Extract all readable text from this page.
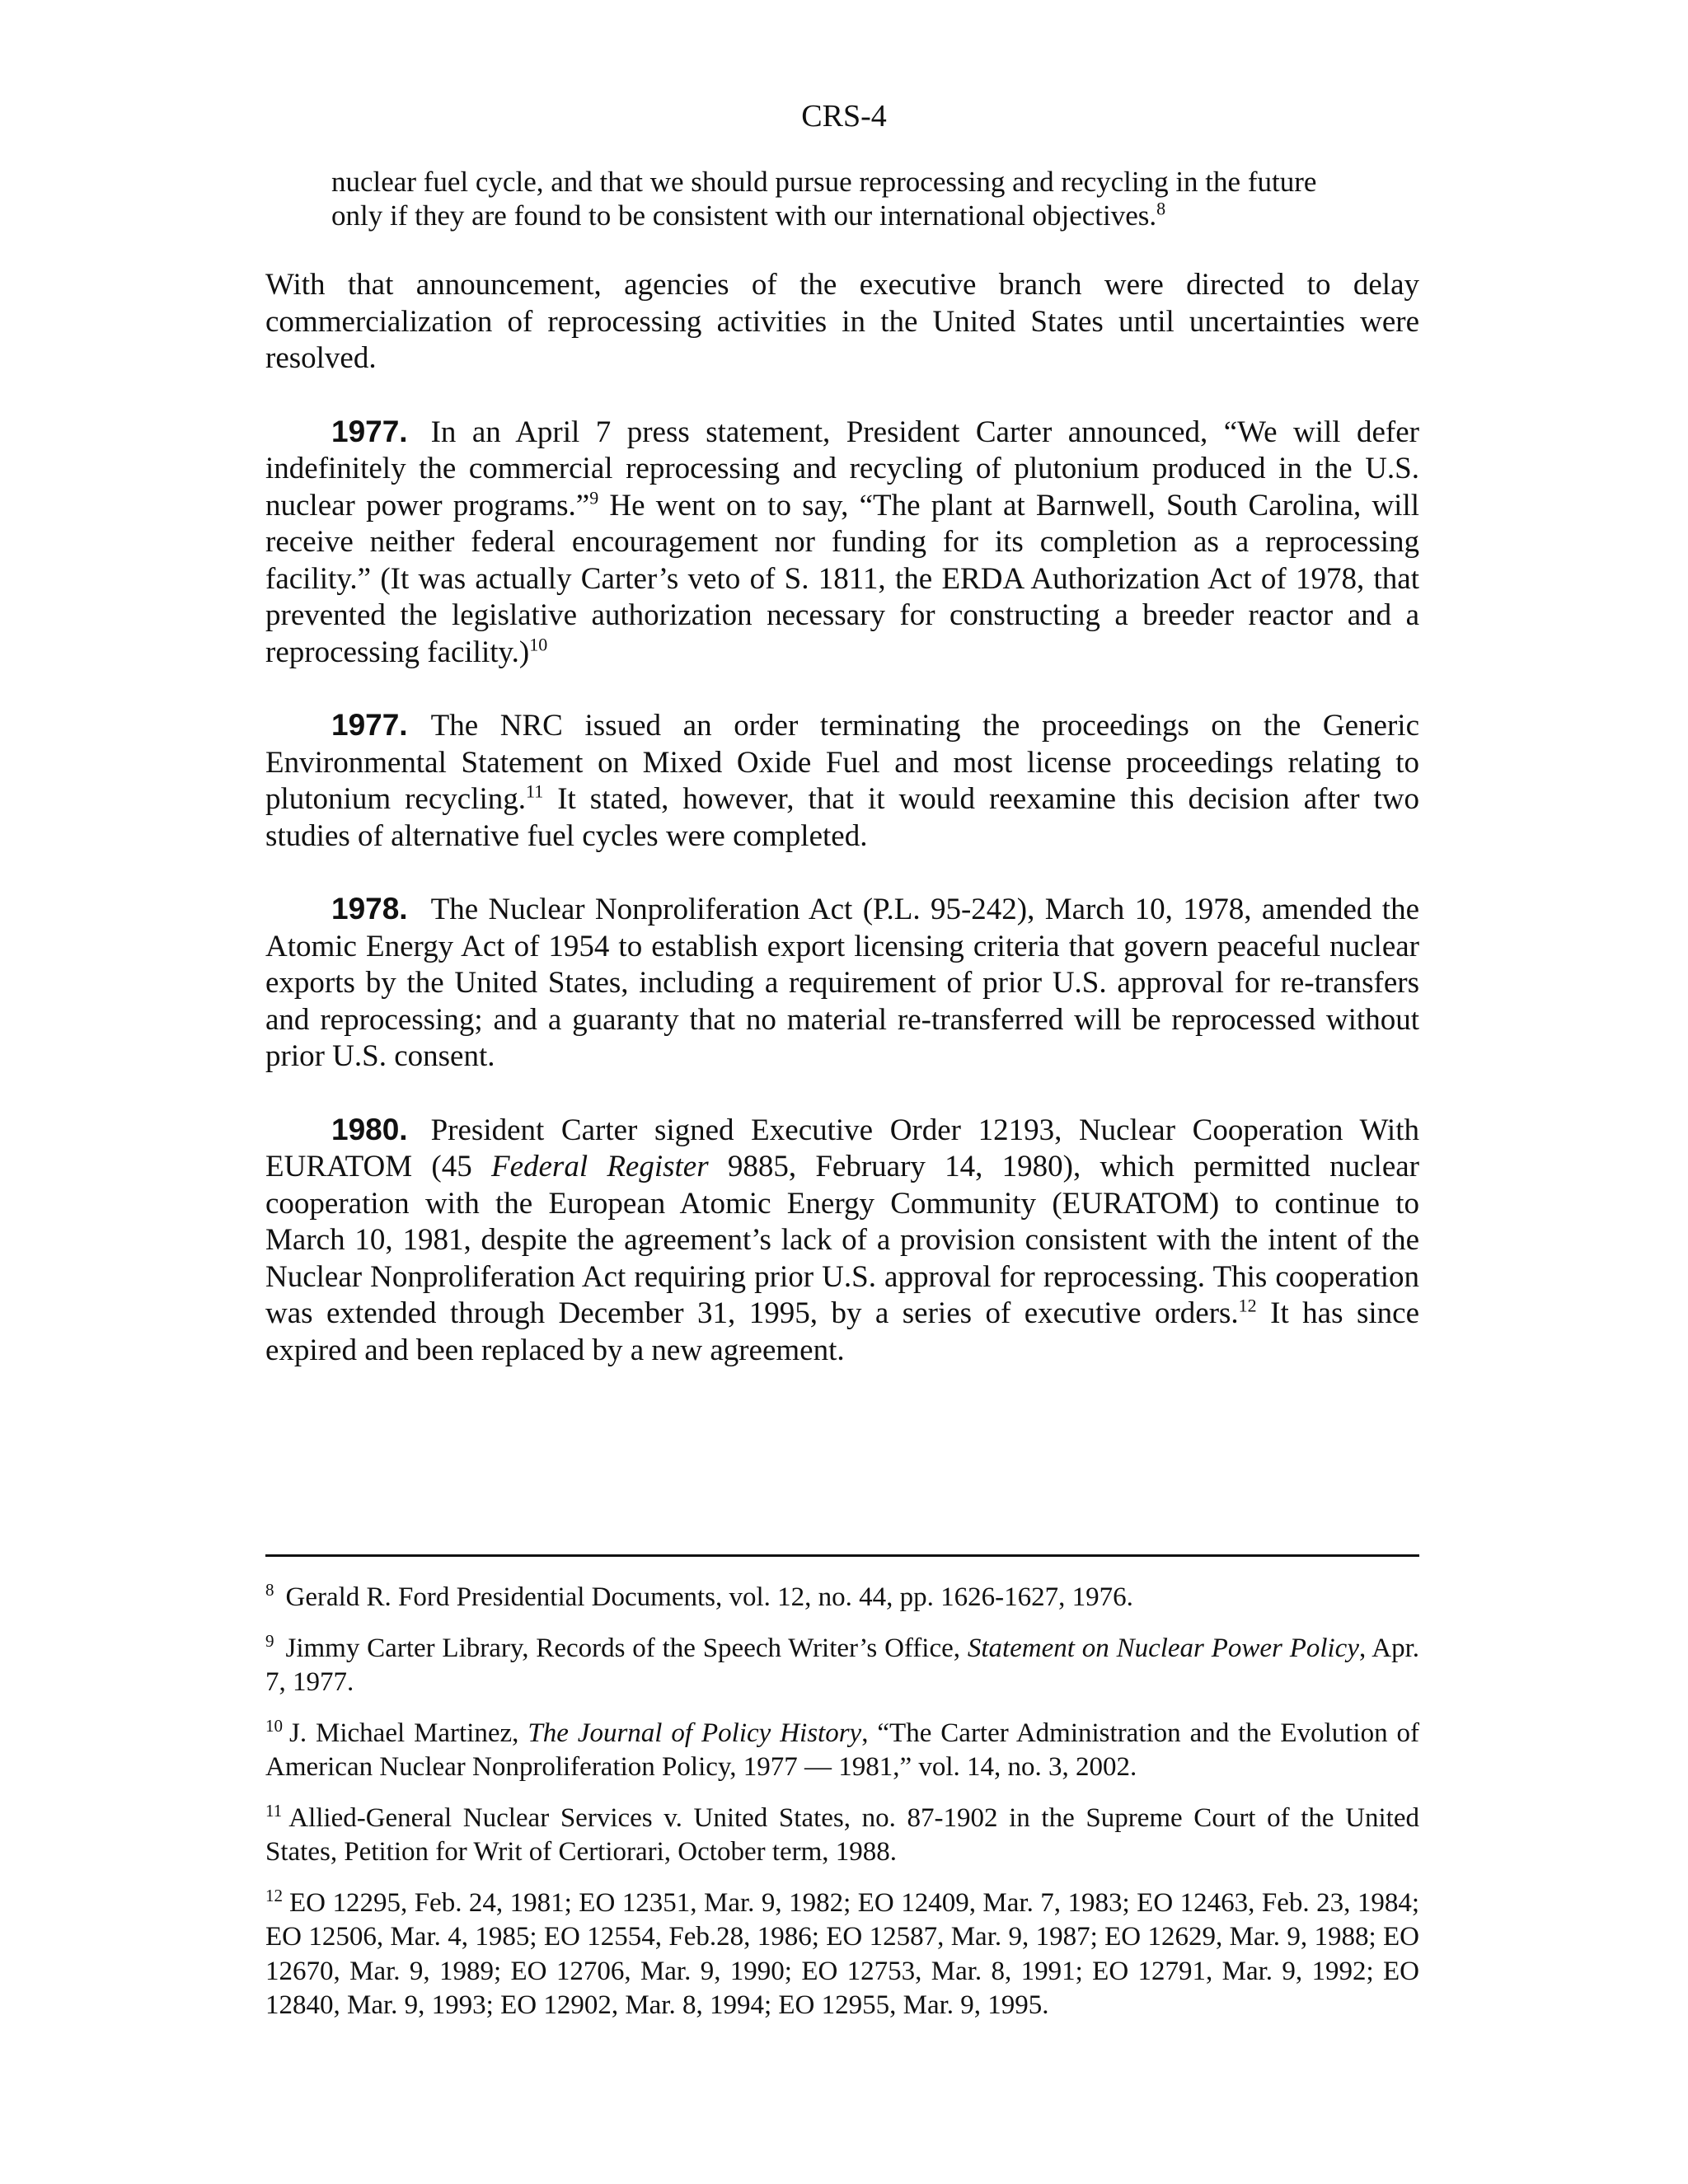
CRS-4

nuclear fuel cycle, and that we should pursue reprocessing and recycling in the future only if they are found to be consistent with our international objectives.$^8$

With that announcement, agencies of the executive branch were directed to delay commercialization of reprocessing activities in the United States until uncertainties were resolved.

1977. In an April 7 press statement, President Carter announced, “We will defer indefinitely the commercial reprocessing and recycling of plutonium produced in the U.S. nuclear power programs.”$^9$ He went on to say, “The plant at Barnwell, South Carolina, will receive neither federal encouragement nor funding for its completion as a reprocessing facility.” (It was actually Carter’s veto of S. 1811, the ERDA Authorization Act of 1978, that prevented the legislative authorization necessary for constructing a breeder reactor and a reprocessing facility.)$^{10}$

1977. The NRC issued an order terminating the proceedings on the Generic Environmental Statement on Mixed Oxide Fuel and most license proceedings relating to plutonium recycling.$^{11}$ It stated, however, that it would reexamine this decision after two studies of alternative fuel cycles were completed.

1978. The Nuclear Nonproliferation Act (P.L. 95-242), March 10, 1978, amended the Atomic Energy Act of 1954 to establish export licensing criteria that govern peaceful nuclear exports by the United States, including a requirement of prior U.S. approval for re-transfers and reprocessing; and a guaranty that no material re-transferred will be reprocessed without prior U.S. consent.

1980. President Carter signed Executive Order 12193, Nuclear Cooperation With EURATOM (45 Federal Register 9885, February 14, 1980), which permitted nuclear cooperation with the European Atomic Energy Community (EURATOM) to continue to March 10, 1981, despite the agreement’s lack of a provision consistent with the intent of the Nuclear Nonproliferation Act requiring prior U.S. approval for reprocessing. This cooperation was extended through December 31, 1995, by a series of executive orders.$^{12}$ It has since expired and been replaced by a new agreement.

$^8$ Gerald R. Ford Presidential Documents, vol. 12, no. 44, pp. 1626-1627, 1976.

$^9$ Jimmy Carter Library, Records of the Speech Writer’s Office, Statement on Nuclear Power Policy, Apr. 7, 1977.

$^{10}$ J. Michael Martinez, The Journal of Policy History, “The Carter Administration and the Evolution of American Nuclear Nonproliferation Policy, 1977 — 1981,” vol. 14, no. 3, 2002.

$^{11}$ Allied-General Nuclear Services v. United States, no. 87-1902 in the Supreme Court of the United States, Petition for Writ of Certiorari, October term, 1988.

$^{12}$ EO 12295, Feb. 24, 1981; EO 12351, Mar. 9, 1982; EO 12409, Mar. 7, 1983; EO 12463, Feb. 23, 1984; EO 12506, Mar. 4, 1985; EO 12554, Feb.28, 1986; EO 12587, Mar. 9, 1987; EO 12629, Mar. 9, 1988; EO 12670, Mar. 9, 1989; EO 12706, Mar. 9, 1990; EO 12753, Mar. 8, 1991; EO 12791, Mar. 9, 1992; EO 12840, Mar. 9, 1993; EO 12902, Mar. 8, 1994; EO 12955, Mar. 9, 1995.
